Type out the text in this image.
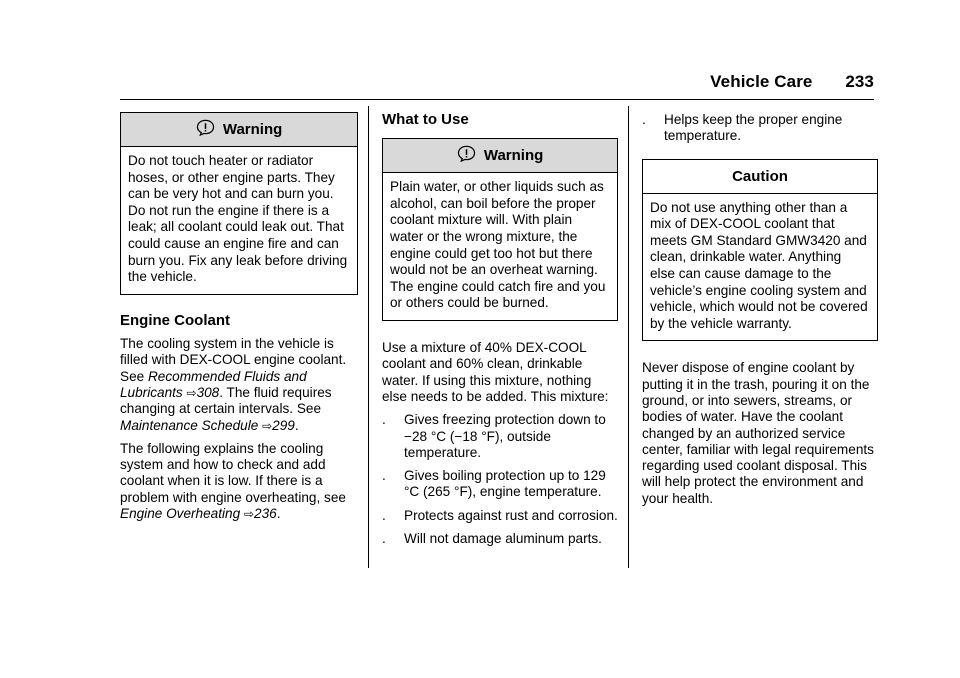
Vehicle Care 233
Warning
Do not touch heater or radiator hoses, or other engine parts. They can be very hot and can burn you. Do not run the engine if there is a leak; all coolant could leak out. That could cause an engine fire and can burn you. Fix any leak before driving the vehicle.
Engine Coolant

The cooling system in the vehicle is filled with DEX-COOL engine coolant. See Recommended Fluids and Lubricants ⇨308. The fluid requires changing at certain intervals. See Maintenance Schedule ⇨299.

The following explains the cooling system and how to check and add coolant when it is low. If there is a problem with engine overheating, see Engine Overheating ⇨236.

What to Use
Warning
Plain water, or other liquids such as alcohol, can boil before the proper coolant mixture will. With plain water or the wrong mixture, the engine could get too hot but there would not be an overheat warning. The engine could catch fire and you or others could be burned.

Use a mixture of 40% DEX-COOL coolant and 60% clean, drinkable water. If using this mixture, nothing else needs to be added. This mixture:

. Gives freezing protection down to −28 °C (−18 °F), outside temperature.
. Gives boiling protection up to 129 °C (265 °F), engine temperature.
. Protects against rust and corrosion.
. Will not damage aluminum parts.
. Helps keep the proper engine temperature.
Caution
Do not use anything other than a mix of DEX-COOL coolant that meets GM Standard GMW3420 and clean, drinkable water. Anything else can cause damage to the vehicle’s engine cooling system and vehicle, which would not be covered by the vehicle warranty.

Never dispose of engine coolant by putting it in the trash, pouring it on the ground, or into sewers, streams, or bodies of water. Have the coolant changed by an authorized service center, familiar with legal requirements regarding used coolant disposal. This will help protect the environment and your health.
